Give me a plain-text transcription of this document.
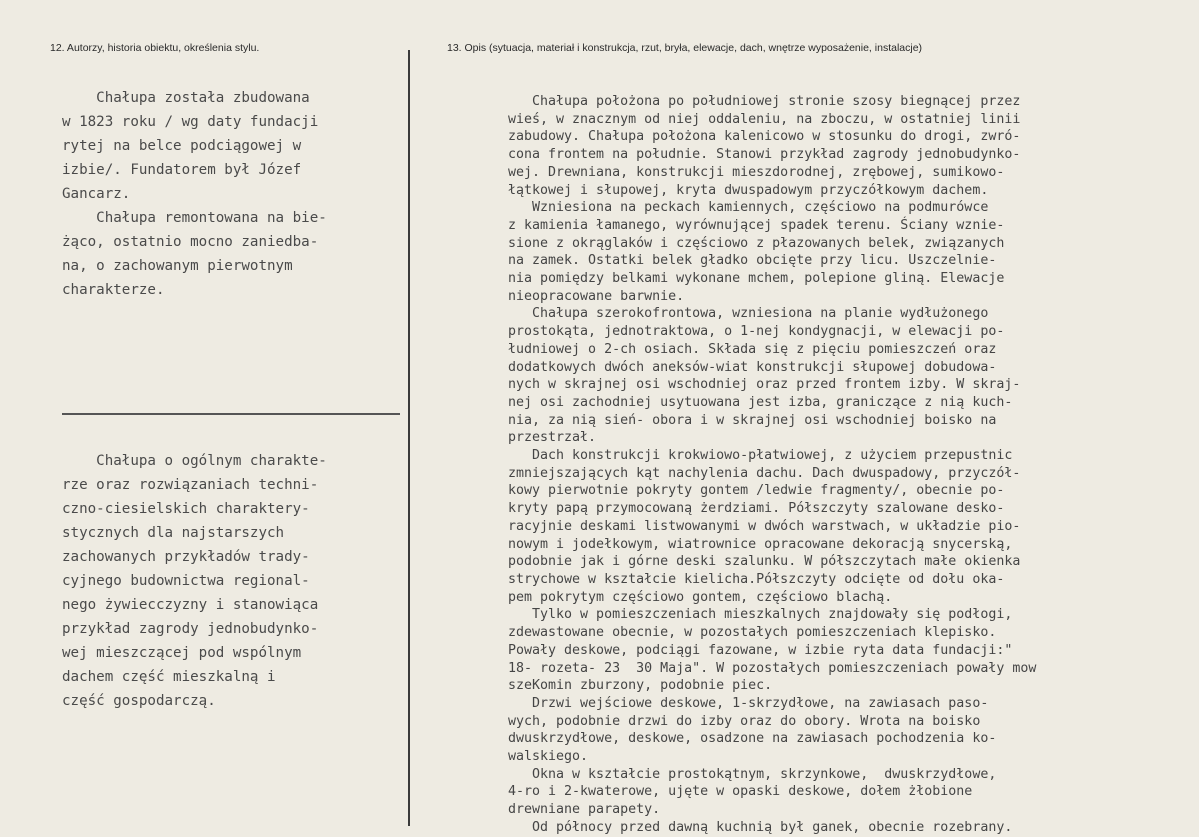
12. Autorzy, historia obiektu, określenia stylu.	13. Opis (sytuacja, materiał i konstrukcja, rzut, bryła, elewacje, dach, wnętrze wyposażenie, instalacje)

Chałupa została zbudowana

w 1823 roku / wg daty fundacji

rytej na belce podciągowej w

izbie/. Fundatorem był Józef

Gancarz.

Chałupa remontowana na bie-

żąco, ostatnio mocno zaniedba-

na, o zachowanym pierwotnym

charakterze.

Chałupa o ogólnym charakte-

rze oraz rozwiązaniach techni-

czno-ciesielskich charaktery-

stycznych dla najstarszych

zachowanych przykładów trady-

cyjnego budownictwa regional-

nego żywiecczyzny i stanowiąca

przykład zagrody jednobudynko-

wej mieszczącej pod wspólnym

dachem część mieszkalną i

część gospodarczą.

Chałupa położona po południowej stronie szosy biegnącej przez

wieś, w znacznym od niej oddaleniu, na zboczu, w ostatniej linii

zabudowy. Chałupa położona kalenicowo w stosunku do drogi, zwró-

cona frontem na południe. Stanowi przykład zagrody jednobudynko-

wej. Drewniana, konstrukcji mieszdorodnej, zrębowej, sumikowo-

łątkowej i słupowej, kryta dwuspadowym przyczółkowym dachem.

Wzniesiona na peckach kamiennych, częściowo na podmurówce

z kamienia łamanego, wyrównującej spadek terenu. Ściany wznie-

sione z okrąglaków i częściowo z płazowanych belek, związanych

na zamek. Ostatki belek gładko obcięte przy licu. Uszczelnie-

nia pomiędzy belkami wykonane mchem, polepione gliną. Elewacje

nieopracowane barwnie.

Chałupa szerokofrontowa, wzniesiona na planie wydłużonego

prostokąta, jednotraktowa, o 1-nej kondygnacji, w elewacji po-

łudniowej o 2-ch osiach. Składa się z pięciu pomieszczeń oraz

dodatkowych dwóch aneksów-wiat konstrukcji słupowej dobudowa-

nych w skrajnej osi wschodniej oraz przed frontem izby. W skraj-

nej osi zachodniej usytuowana jest izba, graniczące z nią kuch-

nia, za nią sień- obora i w skrajnej osi wschodniej boisko na

przestrzał.

Dach konstrukcji krokwiowo-płatwiowej, z użyciem przepustnic

zmniejszających kąt nachylenia dachu. Dach dwuspadowy, przyczół-

kowy pierwotnie pokryty gontem /ledwie fragmenty/, obecnie po-

kryty papą przymocowaną żerdziami. Półszczyty szalowane desko-

racyjnie deskami listwowanymi w dwóch warstwach, w układzie pio-

nowym i jodełkowym, wiatrownice opracowane dekoracją snycerską,

podobnie jak i górne deski szalunku. W półszczytach małe okienka

strychowe w kształcie kielicha.Półszczyty odcięte od dołu oka-

pem pokrytym częściowo gontem, częściowo blachą.

Tylko w pomieszczeniach mieszkalnych znajdowały się podłogi,

zdewastowane obecnie, w pozostałych pomieszczeniach klepisko.

Powały deskowe, podciągi fazowane, w izbie ryta data fundacji:"

18- rozeta- 23  30 Maja". W pozostałych pomieszczeniach powały mow

szeKomin zburzony, podobnie piec.

Drzwi wejściowe deskowe, 1-skrzydłowe, na zawiasach paso-

wych, podobnie drzwi do izby oraz do obory. Wrota na boisko

dwuskrzydłowe, deskowe, osadzone na zawiasach pochodzenia ko-

walskiego.

Okna w kształcie prostokątnym, skrzynkowe,  dwuskrzydłowe,

4-ro i 2-kwaterowe, ujęte w opaski deskowe, dołem żłobione

drewniane parapety.

Od północy przed dawną kuchnią był ganek, obecnie rozebrany.
